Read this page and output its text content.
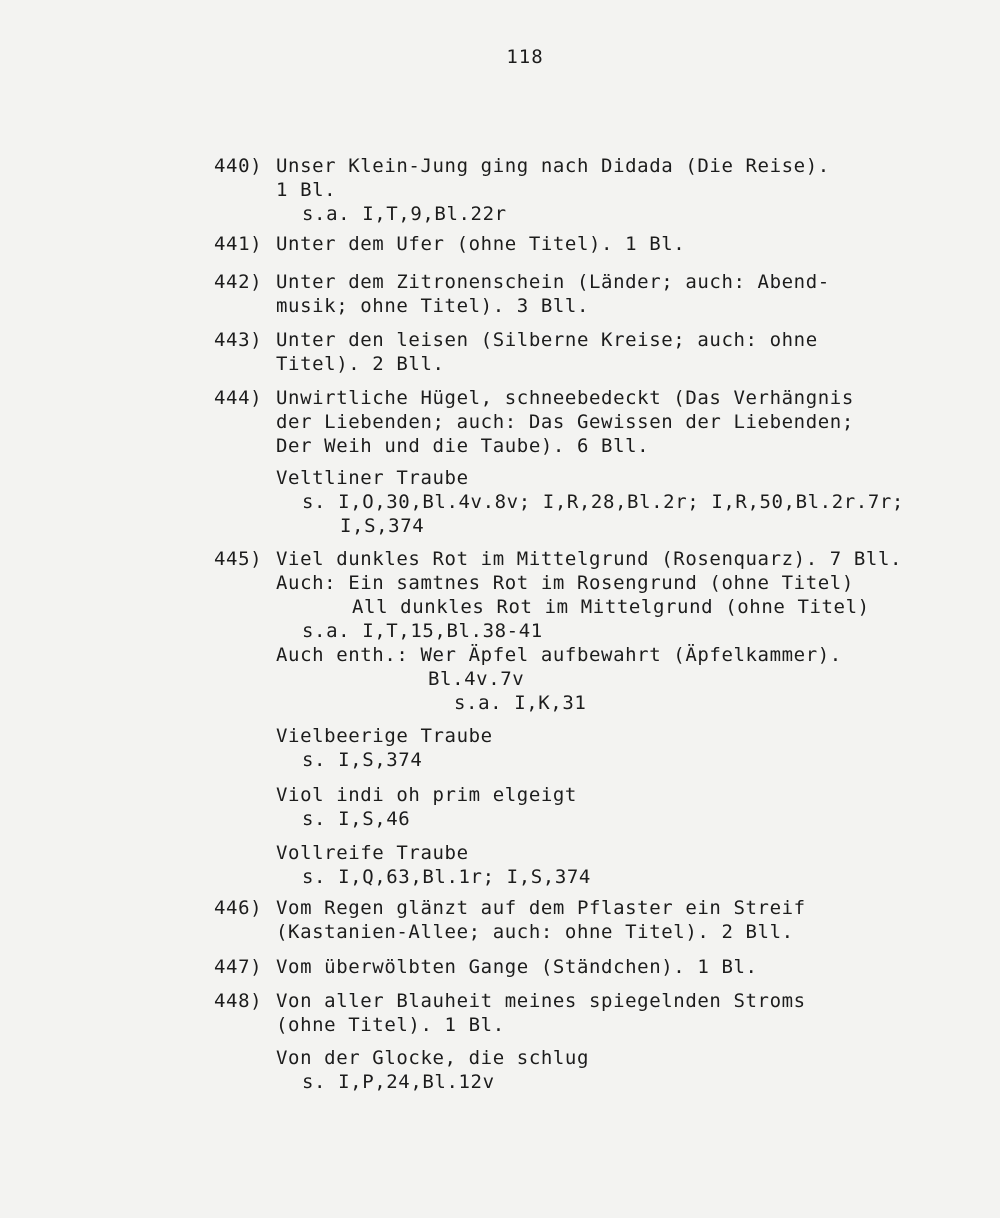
118
440) Unser Klein-Jung ging nach Didada (Die Reise).
1 Bl.
s.a. I,T,9,Bl.22r
441) Unter dem Ufer (ohne Titel). 1 Bl.
442) Unter dem Zitronenschein (Länder; auch: Abend-
musik; ohne Titel). 3 Bll.
443) Unter den leisen (Silberne Kreise; auch: ohne
Titel). 2 Bll.
444) Unwirtliche Hügel, schneebedeckt (Das Verhängnis
der Liebenden; auch: Das Gewissen der Liebenden;
Der Weih und die Taube). 6 Bll.
Veltliner Traube
s. I,O,30,Bl.4v.8v; I,R,28,Bl.2r; I,R,50,Bl.2r.7r;
I,S,374
445) Viel dunkles Rot im Mittelgrund (Rosenquarz). 7 Bll.
Auch: Ein samtnes Rot im Rosengrund (ohne Titel)
All dunkles Rot im Mittelgrund (ohne Titel)
s.a. I,T,15,Bl.38-41
Auch enth.: Wer Äpfel aufbewahrt (Äpfelkammer).
Bl.4v.7v
s.a. I,K,31
Vielbeerige Traube
s. I,S,374
Viol indi oh prim elgeigt
s. I,S,46
Vollreife Traube
s. I,Q,63,Bl.1r; I,S,374
446) Vom Regen glänzt auf dem Pflaster ein Streif
(Kastanien-Allee; auch: ohne Titel). 2 Bll.
447) Vom überwölbten Gange (Ständchen). 1 Bl.
448) Von aller Blauheit meines spiegelnden Stroms
(ohne Titel). 1 Bl.
Von der Glocke, die schlug
s. I,P,24,Bl.12v
